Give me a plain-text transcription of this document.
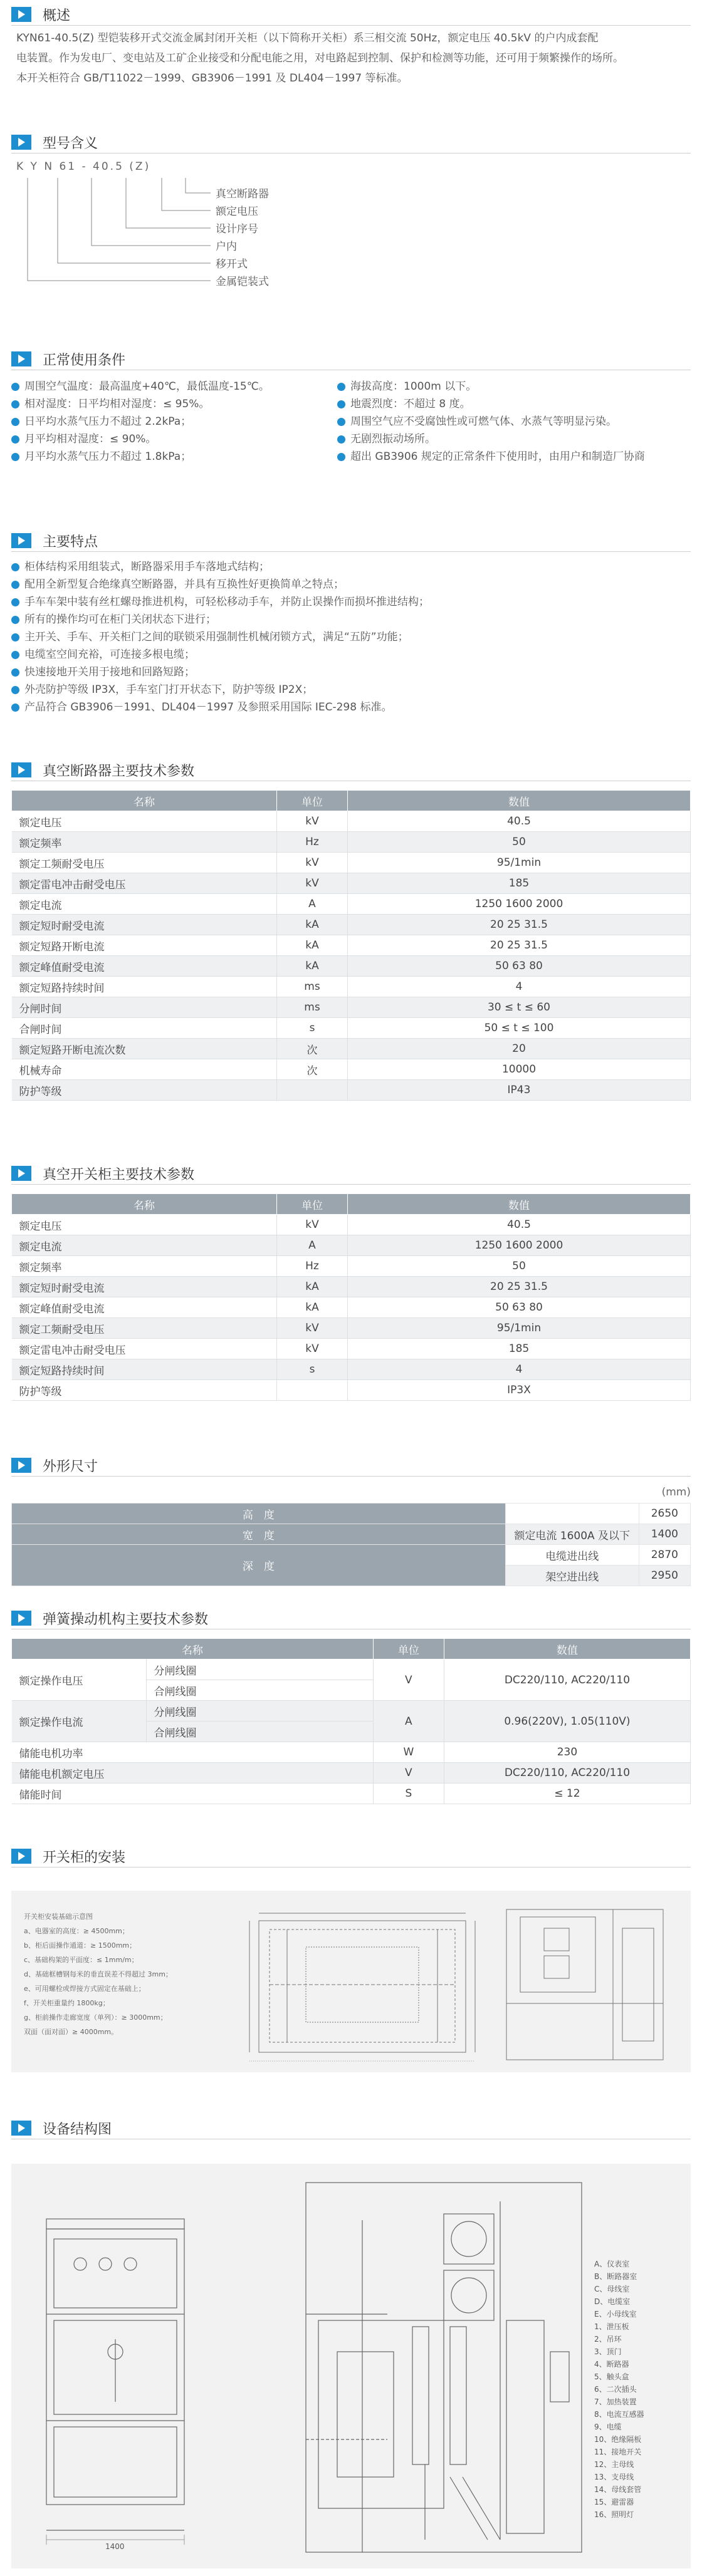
概述

KYN61-40.5(Z) 型铠装移开式交流金属封闭开关柜（以下简称开关柜）系三相交流 50Hz，额定电压 40.5kV 的户内成套配

电装置。作为发电厂、变电站及工矿企业接受和分配电能之用，对电路起到控制、保护和检测等功能，还可用于频繁操作的场所。

本开关柜符合 GB/T11022－1999、GB3906－1991 及 DL404－1997 等标准。

型号含义
K Y N 61 - 40.5 (Z)
真空断路器
额定电压
设计序号
户内
移开式
金属铠装式
正常使用条件
周围空气温度：最高温度+40℃，最低温度-15℃。
相对湿度：日平均相对湿度：≤ 95%。
日平均水蒸气压力不超过 2.2kPa；
月平均相对湿度：≤ 90%。
月平均水蒸气压力不超过 1.8kPa；
海拔高度：1000m 以下。
地震烈度：不超过 8 度。
周围空气应不受腐蚀性或可燃气体、水蒸气等明显污染。
无剧烈振动场所。
超出 GB3906 规定的正常条件下使用时，由用户和制造厂协商
主要特点
柜体结构采用组装式，断路器采用手车落地式结构；
配用全新型复合绝缘真空断路器，并具有互换性好更换简单之特点；
手车车架中装有丝杠螺母推进机构，可轻松移动手车，并防止误操作而损坏推进结构；
所有的操作均可在柜门关闭状态下进行；
主开关、手车、开关柜门之间的联锁采用强制性机械闭锁方式，满足“五防”功能；
电缆室空间充裕，可连接多根电缆；
快速接地开关用于接地和回路短路；
外壳防护等级 IP3X，手车室门打开状态下，防护等级 IP2X；
产品符合 GB3906－1991、DL404－1997 及参照采用国际 IEC-298 标准。
真空断路器主要技术参数
名称	单位	数值
额定电压	kV	40.5
额定频率	Hz	50
额定工频耐受电压	kV	95/1min
额定雷电冲击耐受电压	kV	185
额定电流	A	1250 1600 2000
额定短时耐受电流	kA	20 25 31.5
额定短路开断电流	kA	20 25 31.5
额定峰值耐受电流	kA	50 63 80
额定短路持续时间	ms	4
分闸时间	ms	30 ≤ t ≤ 60
合闸时间	s	50 ≤ t ≤ 100
额定短路开断电流次数	次	20
机械寿命	次	10000
防护等级		IP43
真空开关柜主要技术参数
名称	单位	数值
额定电压	kV	40.5
额定电流	A	1250 1600 2000
额定频率	Hz	50
额定短时耐受电流	kA	20 25 31.5
额定峰值耐受电流	kA	50 63 80
额定工频耐受电压	kV	95/1min
额定雷电冲击耐受电压	kV	185
额定短路持续时间	s	4
防护等级		IP3X
外形尺寸
(mm)
高　度		2650
宽　度	额定电流 1600A 及以下	1400
深　度	电缆进出线	2870
	架空进出线	2950
弹簧操动机构主要技术参数
名称		单位	数值
额定操作电压	分闸线圈	V	DC220/110, AC220/110
	合闸线圈		
额定操作电流	分闸线圈	A	0.96(220V), 1.05(110V)
	合闸线圈		
储能电机功率		W	230
储能电机额定电压		V	DC220/110, AC220/110
储能时间		S	≤ 12
开关柜的安装
开关柜安装基础示意图
a、电器室的高度：≥ 4500mm；
b、柜后面操作通道：≥ 1500mm；
c、基础构架的平面度：≤ 1mm/m；
d、基础框槽钢每米的垂直误差不得超过 3mm；
e、可用螺栓或焊接方式固定在基础上；
f、开关柜重量约 1800kg；
g、柜前操作走廊宽度（单列）：≥ 3000mm；
双面（面对面）≥ 4000mm。
设备结构图
1400
A、仪表室
B、断路器室
C、母线室
D、电缆室
E、小母线室
1、泄压板
2、吊环
3、顶门
4、断路器
5、触头盒
6、二次插头
7、加热装置
8、电流互感器
9、电缆
10、绝缘隔板
11、接地开关
12、主母线
13、支母线
14、母线套管
15、避雷器
16、照明灯
